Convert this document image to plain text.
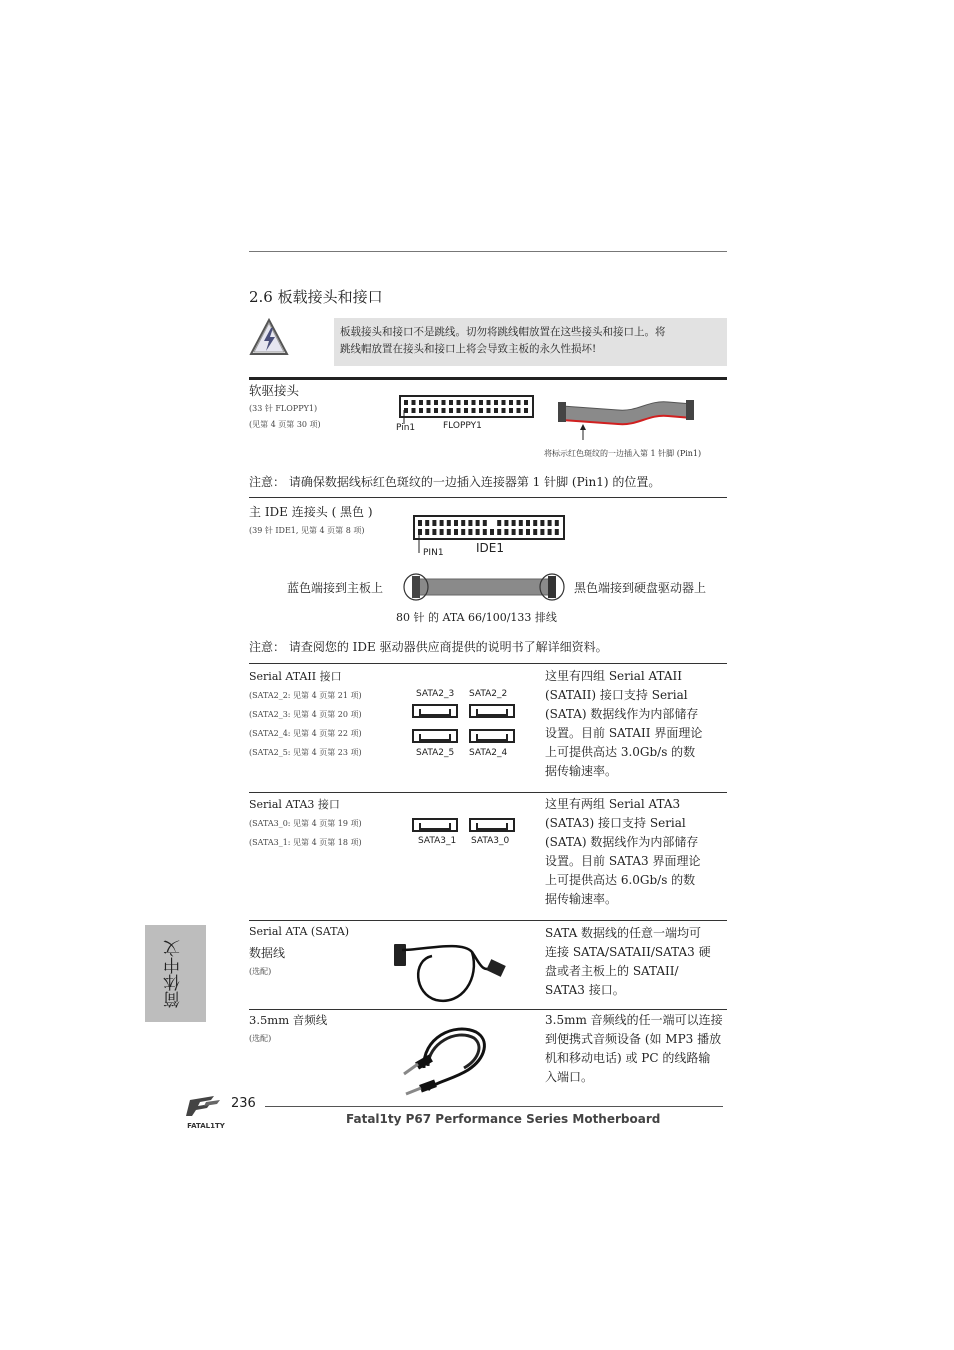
2.6 板载接头和接口
板载接头和接口不是跳线。切勿将跳线帽放置在这些接头和接口上。将
跳线帽放置在接头和接口上将会导致主板的永久性损坏!
软驱接头
(33 针 FLOPPY1)
(见第 4 页第 30 项)	Pin1	FLOPPY1
将标示红色斑纹的一边插入第 1 针脚 (Pin1)
注意： 请确保数据线标红色斑纹的一边插入连接器第 1 针脚 (Pin1) 的位置。
主 IDE 连接头 ( 黑色 )
(39 针 IDE1, 见第 4 页第 8 项)
PIN1	IDE1
蓝色端接到主板上	黑色端接到硬盘驱动器上
80 针 的 ATA 66/100/133 排线
注意： 请查阅您的 IDE 驱动器供应商提供的说明书了解详细资料。
Serial ATAII 接口
(SATA2_2: 见第 4 页第 21 项)
(SATA2_3: 见第 4 页第 20 项)
(SATA2_4: 见第 4 页第 22 项)
(SATA2_5: 见第 4 页第 23 项)
SATA2_3 SATA2_2
SATA2_5 SATA2_4
这里有四组 Serial ATAII
(SATAII) 接口支持 Serial
(SATA) 数据线作为内部储存
设置。目前 SATAII 界面理论
上可提供高达 3.0Gb/s 的数
据传输速率。
Serial ATA3 接口
(SATA3_0: 见第 4 页第 19 项)
(SATA3_1: 见第 4 页第 18 项)	SATA3_1 SATA3_0
这里有两组 Serial ATA3
(SATA3) 接口支持 Serial
(SATA) 数据线作为内部储存
设置。目前 SATA3 界面理论
上可提供高达 6.0Gb/s 的数
据传输速率。
Serial ATA (SATA)
数据线
(选配)
SATA 数据线的任意一端均可
连接 SATA/SATAII/SATA3 硬
盘或者主板上的 SATAII/
SATA3 接口。
3.5mm 音频线
(选配)
3.5mm 音频线的任一端可以连接
到便携式音频设备 (如 MP3 播放
机和移动电话) 或 PC 的线路输
入端口。
简体中文
FATAL1TY
236
Fatal1ty P67 Performance Series Motherboard
